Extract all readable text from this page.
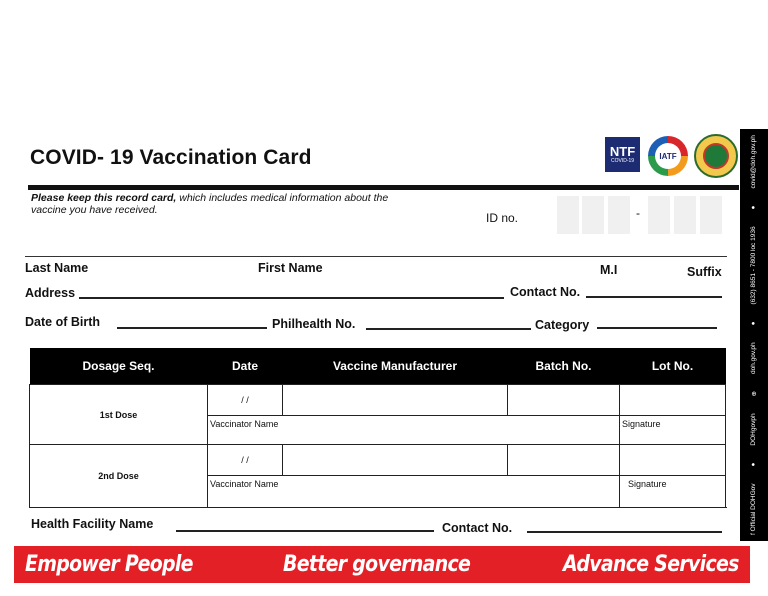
COVID- 19 Vaccination Card	NTF
COVID-19
IATF
Please keep this record card, which includes medical information about the vaccine you have received.
ID no.	-
Last Name	First Name	M.I	Suffix
Address	Contact No.
Date of Birth	Philhealth No.	Category
Dosage Seq.	Date	Vaccine Manufacturer	Batch No.	Lot No.	
1st Dose	/ /				
	Vaccinator Name			Signature	
2nd Dose	/ /				
	Vaccinator Name			Signature	
Health Facility Name	Contact No.
Empower People	Better governance	Advance Services
f Official DOHGov
●
DOHgovph
⊕
doh.gov.ph
●
(632) 8651 - 7800 loc 1936
●
covid@doh.gov.ph
